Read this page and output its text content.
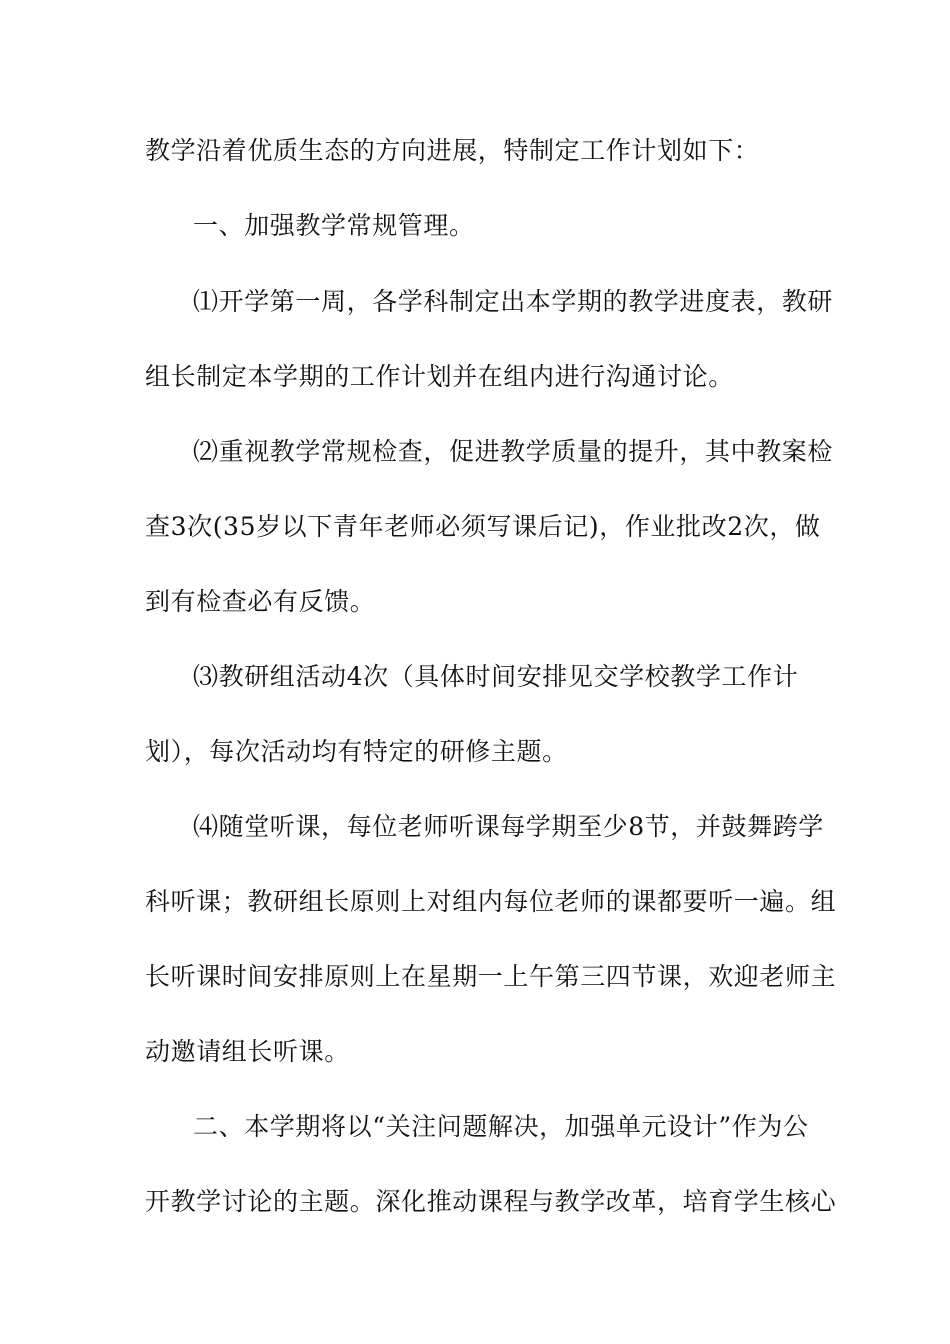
教学沿着优质生态的方向进展，特制定工作计划如下：
一、加强教学常规管理。
⑴开学第一周，各学科制定出本学期的教学进度表，教研
组长制定本学期的工作计划并在组内进行沟通讨论。
⑵重视教学常规检查，促进教学质量的提升，其中教案检
查3次(35岁以下青年老师必须写课后记)，作业批改2次，做
到有检查必有反馈。
⑶教研组活动4次（具体时间安排见交学校教学工作计
划），每次活动均有特定的研修主题。
⑷随堂听课，每位老师听课每学期至少8节，并鼓舞跨学
科听课；教研组长原则上对组内每位老师的课都要听一遍。组
长听课时间安排原则上在星期一上午第三四节课，欢迎老师主
动邀请组长听课。
二、本学期将以“关注问题解决，加强单元设计”作为公
开教学讨论的主题。深化推动课程与教学改革，培育学生核心
